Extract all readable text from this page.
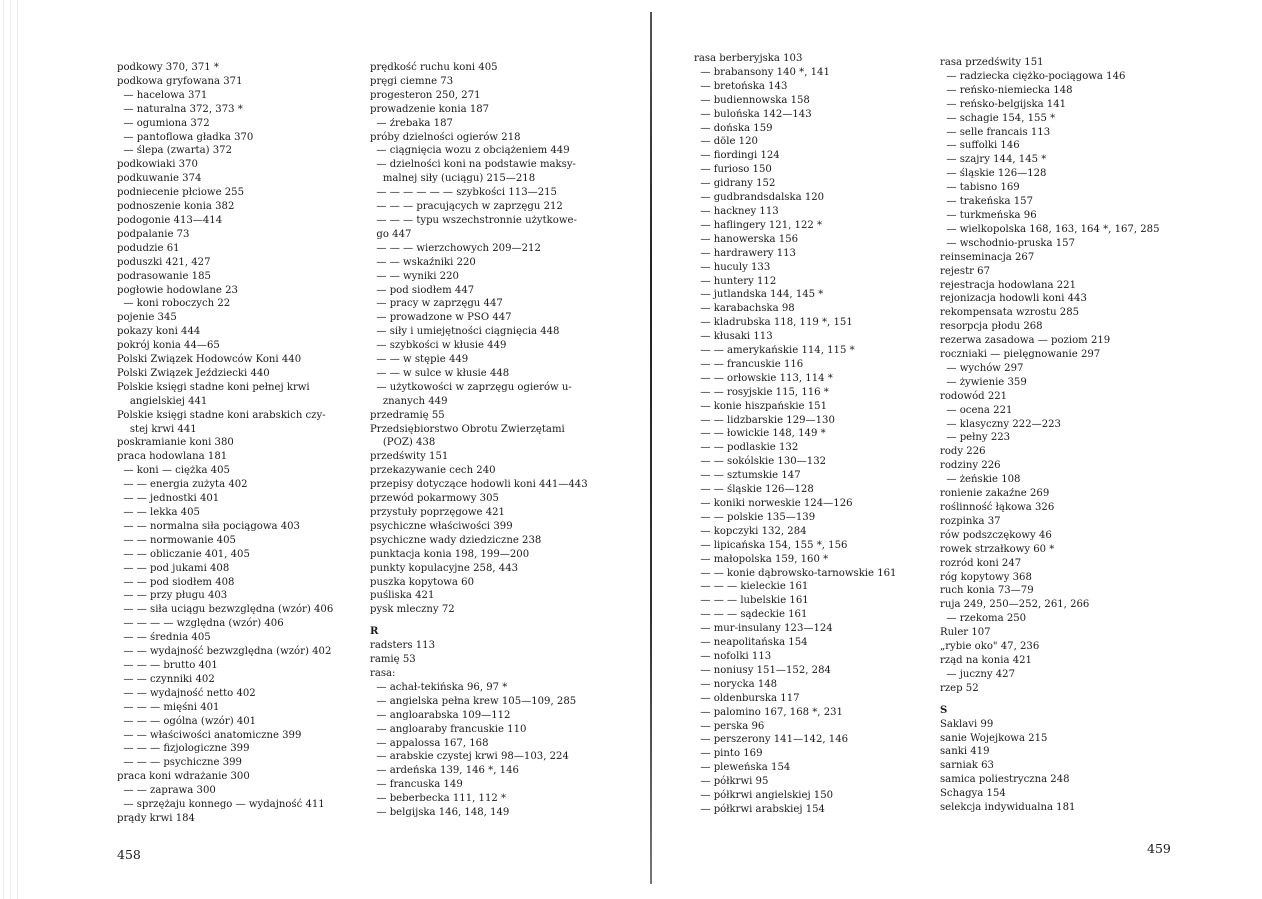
podkowy 370, 371 *
podkowa gryfowana 371
— hacelowa 371
— naturalna 372, 373 *
— ogumiona 372
— pantoflowa gładka 370
— ślepa (zwarta) 372
podkowiaki 370
podkuwanie 374
podniecenie płciowe 255
podnoszenie konia 382
podogonie 413—414
podpalanie 73
podudzie 61
poduszki 421, 427
podrasowanie 185
pogłowie hodowlane 23
— koni roboczych 22
pojenie 345
pokazy koni 444
pokrój konia 44—65
Polski Związek Hodowców Koni 440
Polski Związek Jeździecki 440
Polskie księgi stadne koni pełnej krwi
angielskiej 441
Polskie księgi stadne koni arabskich czy-
stej krwi 441
poskramianie koni 380
praca hodowlana 181
— koni — ciężka 405
— — energia zużyta 402
— — jednostki 401
— — lekka 405
— — normalna siła pociągowa 403
— — normowanie 405
— — obliczanie 401, 405
— — pod jukami 408
— — pod siodłem 408
— — przy pługu 403
— — siła uciągu bezwzględna (wzór) 406
— — — — względna (wzór) 406
— — średnia 405
— — wydajność bezwzględna (wzór) 402
— — — brutto 401
— — czynniki 402
— — wydajność netto 402
— — — mięśni 401
— — — ogólna (wzór) 401
— — właściwości anatomiczne 399
— — — fizjologiczne 399
— — — psychiczne 399
praca koni wdrażanie 300
— — zaprawa 300
— sprzężaju konnego — wydajność 411
prądy krwi 184
prędkość ruchu koni 405
pręgi ciemne 73
progesteron 250, 271
prowadzenie konia 187
— źrebaka 187
próby dzielności ogierów 218
— ciągnięcia wozu z obciążeniem 449
— dzielności koni na podstawie maksy-
malnej siły (uciągu) 215—218
— — — — — — szybkości 113—215
— — — pracujących w zaprzęgu 212
— — — typu wszechstronnie użytkowe-
go 447
— — — wierzchowych 209—212
— — wskaźniki 220
— — wyniki 220
— pod siodłem 447
— pracy w zaprzęgu 447
— prowadzone w PSO 447
— siły i umiejętności ciągnięcia 448
— szybkości w kłusie 449
— — w stępie 449
— — w sulce w kłusie 448
— użytkowości w zaprzęgu ogierów u-
znanych 449
przedramię 55
Przedsiębiorstwo Obrotu Zwierzętami
(POZ) 438
przedświty 151
przekazywanie cech 240
przepisy dotyczące hodowli koni 441—443
przewód pokarmowy 305
przystuły poprzęgowe 421
psychiczne właściwości 399
psychiczne wady dziedziczne 238
punktacja konia 198, 199—200
punkty kopulacyjne 258, 443
puszka kopytowa 60
puśliska 421
pysk mleczny 72
R
radsters 113
ramię 53
rasa:
— achał-tekińska 96, 97 *
— angielska pełna krew 105—109, 285
— angloarabska 109—112
— angloaraby francuskie 110
— appalossa 167, 168
— arabskie czystej krwi 98—103, 224
— ardeńska 139, 146 *, 146
— francuska 149
— beberbecka 111, 112 *
— belgijska 146, 148, 149
rasa berberyjska 103
— brabansony 140 *, 141
— bretońska 143
— budiennowska 158
— bulońska 142—143
— dońska 159
— döle 120
— fiordingi 124
— furioso 150
— gidrany 152
— gudbrandsdalska 120
— hackney 113
— haflingery 121, 122 *
— hanowerska 156
— hardrawery 113
— huculy 133
— huntery 112
— jutlandska 144, 145 *
— karabachska 98
— kladrubska 118, 119 *, 151
— kłusaki 113
— — amerykańskie 114, 115 *
— — francuskie 116
— — orłowskie 113, 114 *
— — rosyjskie 115, 116 *
— konie hiszpańskie 151
— — lidzbarskie 129—130
— — łowickie 148, 149 *
— — podlaskie 132
— — sokólskie 130—132
— — sztumskie 147
— — śląskie 126—128
— koniki norweskie 124—126
— — polskie 135—139
— kopczyki 132, 284
— lipicańska 154, 155 *, 156
— małopolska 159, 160 *
— — konie dąbrowsko-tarnowskie 161
— — — kieleckie 161
— — — lubelskie 161
— — — sądeckie 161
— mur-insulany 123—124
— neapolitańska 154
— nofolki 113
— noniusy 151—152, 284
— norycka 148
— oldenburska 117
— palomino 167, 168 *, 231
— perska 96
— perszerony 141—142, 146
— pinto 169
— pleweńska 154
— półkrwi 95
— półkrwi angielskiej 150
— półkrwi arabskiej 154
rasa przedświty 151
— radziecka ciężko-pociągowa 146
— reńsko-niemiecka 148
— reńsko-belgijska 141
— schagie 154, 155 *
— selle francais 113
— suffolki 146
— szajry 144, 145 *
— śląskie 126—128
— tabisno 169
— trakeńska 157
— turkmeńska 96
— wielkopolska 168, 163, 164 *, 167, 285
— wschodnio-pruska 157
reinseminacja 267
rejestr 67
rejestracja hodowlana 221
rejonizacja hodowli koni 443
rekompensata wzrostu 285
resorpcja płodu 268
rezerwa zasadowa — poziom 219
roczniaki — pielęgnowanie 297
— wychów 297
— żywienie 359
rodowód 221
— ocena 221
— klasyczny 222—223
— pełny 223
rody 226
rodziny 226
— żeńskie 108
ronienie zakaźne 269
roślinność łąkowa 326
rozpinka 37
rów podszczękowy 46
rowek strzałkowy 60 *
rozród koni 247
róg kopytowy 368
ruch konia 73—79
ruja 249, 250—252, 261, 266
— rzekoma 250
Ruler 107
„rybie oko" 47, 236
rząd na konia 421
— juczny 427
rzep 52
S
Saklavi 99
sanie Wojejkowa 215
sanki 419
sarniak 63
samica poliestryczna 248
Schagya 154
selekcja indywidualna 181
458	459
